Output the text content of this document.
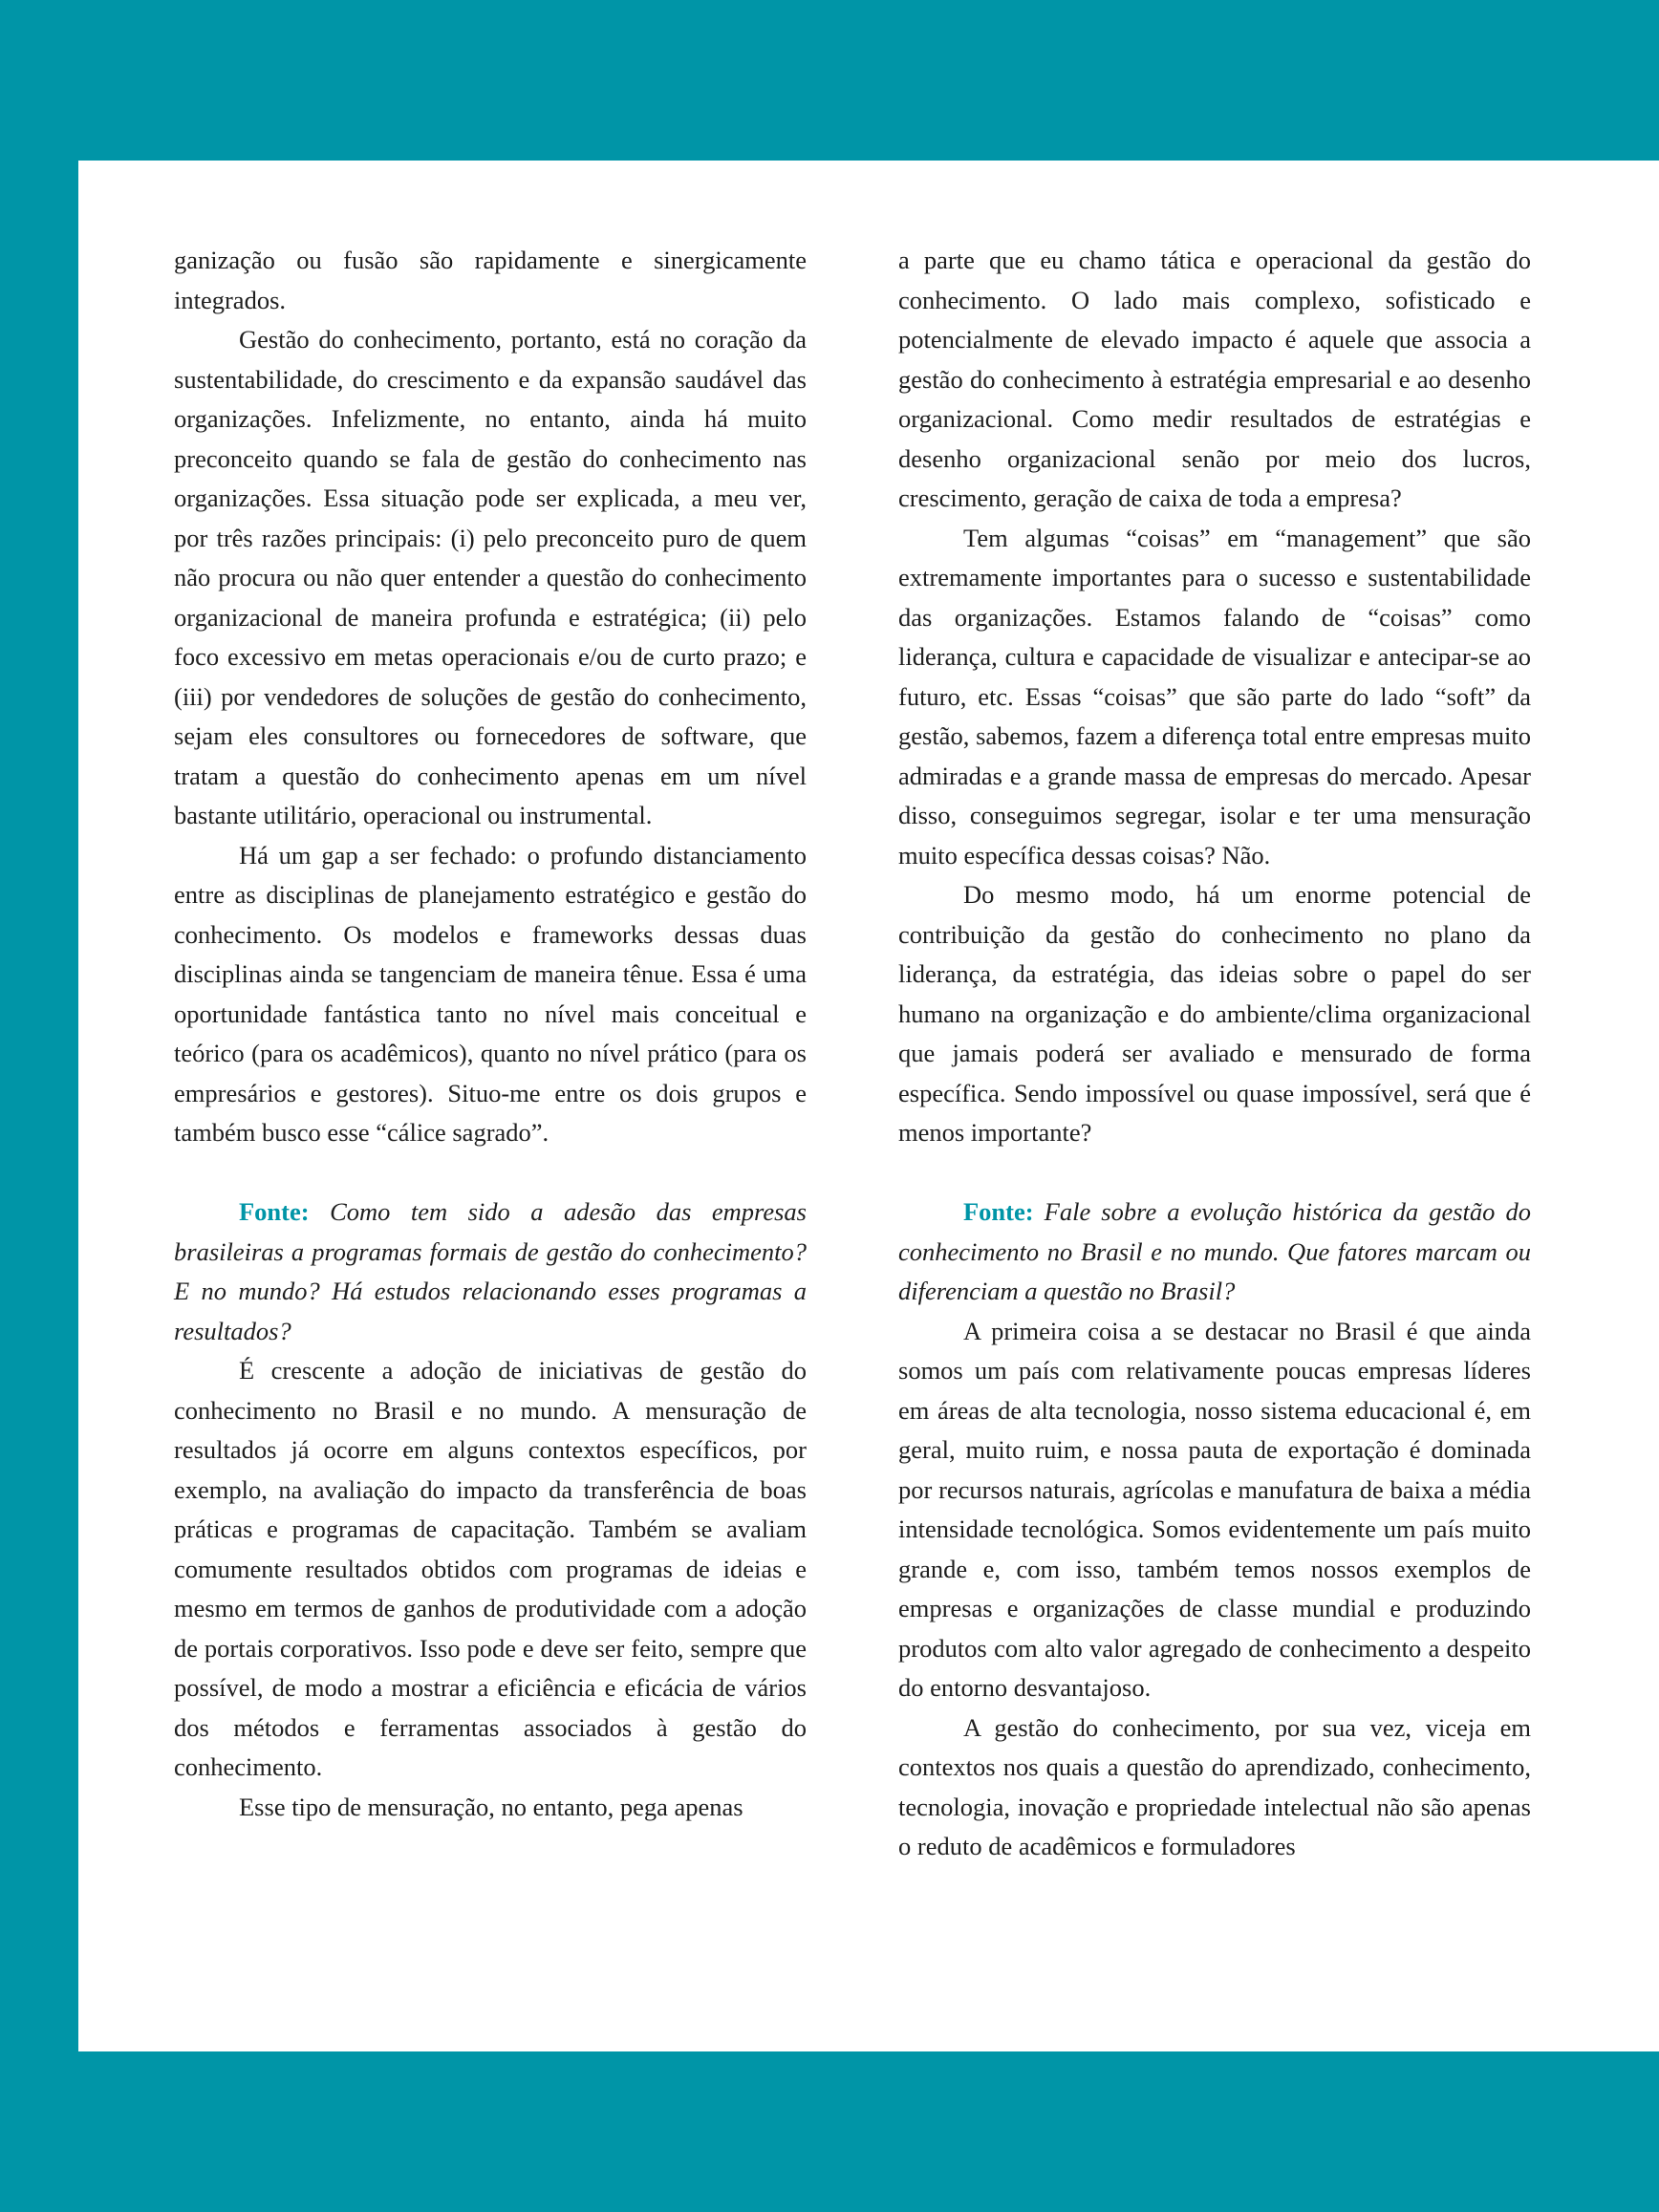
ganização ou fusão são rapidamente e sinergicamente integrados.

Gestão do conhecimento, portanto, está no coração da sustentabilidade, do crescimento e da expansão saudável das organizações. Infelizmente, no entanto, ainda há muito preconceito quando se fala de gestão do conhecimento nas organizações. Essa situação pode ser explicada, a meu ver, por três razões principais: (i) pelo preconceito puro de quem não procura ou não quer entender a questão do conhecimento organizacional de maneira profunda e estratégica; (ii) pelo foco excessivo em metas operacionais e/ou de curto prazo; e (iii) por vendedores de soluções de gestão do conhecimento, sejam eles consultores ou fornecedores de software, que tratam a questão do conhecimento apenas em um nível bastante utilitário, operacional ou instrumental.

Há um gap a ser fechado: o profundo distanciamento entre as disciplinas de planejamento estratégico e gestão do conhecimento. Os modelos e frameworks dessas duas disciplinas ainda se tangenciam de maneira tênue. Essa é uma oportunidade fantástica tanto no nível mais conceitual e teórico (para os acadêmicos), quanto no nível prático (para os empresários e gestores). Situo-me entre os dois grupos e também busco esse “cálice sagrado”.

Fonte: Como tem sido a adesão das empresas brasileiras a programas formais de gestão do conhecimento? E no mundo? Há estudos relacionando esses programas a resultados?

É crescente a adoção de iniciativas de gestão do conhecimento no Brasil e no mundo. A mensuração de resultados já ocorre em alguns contextos específicos, por exemplo, na avaliação do impacto da transferência de boas práticas e programas de capacitação. Também se avaliam comumente resultados obtidos com programas de ideias e mesmo em termos de ganhos de produtividade com a adoção de portais corporativos. Isso pode e deve ser feito, sempre que possível, de modo a mostrar a eficiência e eficácia de vários dos métodos e ferramentas associados à gestão do conhecimento.

Esse tipo de mensuração, no entanto, pega apenas

a parte que eu chamo tática e operacional da gestão do conhecimento. O lado mais complexo, sofisticado e potencialmente de elevado impacto é aquele que associa a gestão do conhecimento à estratégia empresarial e ao desenho organizacional. Como medir resultados de estratégias e desenho organizacional senão por meio dos lucros, crescimento, geração de caixa de toda a empresa?

Tem algumas “coisas” em “management” que são extremamente importantes para o sucesso e sustentabilidade das organizações. Estamos falando de “coisas” como liderança, cultura e capacidade de visualizar e antecipar-se ao futuro, etc. Essas “coisas” que são parte do lado “soft” da gestão, sabemos, fazem a diferença total entre empresas muito admiradas e a grande massa de empresas do mercado. Apesar disso, conseguimos segregar, isolar e ter uma mensuração muito específica dessas coisas? Não.

Do mesmo modo, há um enorme potencial de contribuição da gestão do conhecimento no plano da liderança, da estratégia, das ideias sobre o papel do ser humano na organização e do ambiente/clima organizacional que jamais poderá ser avaliado e mensurado de forma específica. Sendo impossível ou quase impossível, será que é menos importante?

Fonte: Fale sobre a evolução histórica da gestão do conhecimento no Brasil e no mundo. Que fatores marcam ou diferenciam a questão no Brasil?

A primeira coisa a se destacar no Brasil é que ainda somos um país com relativamente poucas empresas líderes em áreas de alta tecnologia, nosso sistema educacional é, em geral, muito ruim, e nossa pauta de exportação é dominada por recursos naturais, agrícolas e manufatura de baixa a média intensidade tecnológica. Somos evidentemente um país muito grande e, com isso, também temos nossos exemplos de empresas e organizações de classe mundial e produzindo produtos com alto valor agregado de conhecimento a despeito do entorno desvantajoso.

A gestão do conhecimento, por sua vez, viceja em contextos nos quais a questão do aprendizado, conhecimento, tecnologia, inovação e propriedade intelectual não são apenas o reduto de acadêmicos e formuladores
